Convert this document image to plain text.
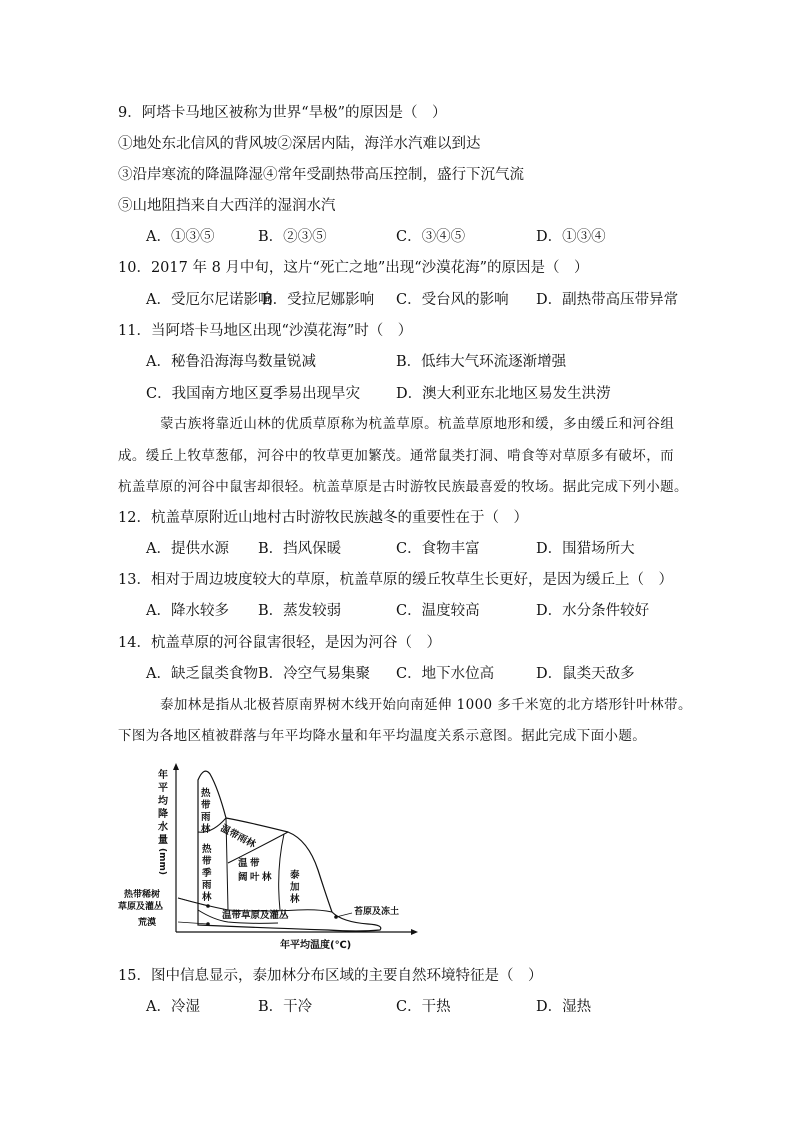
9．阿塔卡马地区被称为世界“旱极”的原因是（　）
①地处东北信风的背风坡②深居内陆，海洋水汽难以到达
③沿岸寒流的降温降湿④常年受副热带高压控制，盛行下沉气流
⑤山地阻挡来自大西洋的湿润水汽
A．①③⑤	B．②③⑤	C．③④⑤	D．①③④
10．2017 年 8 月中旬，这片“死亡之地”出现“沙漠花海”的原因是（　）
A．受厄尔尼诺影响
B．受拉尼娜影响 C．受台风的影响 D．副热带高压带异常
11．当阿塔卡马地区出现“沙漠花海”时（　）
A．秘鲁沿海海鸟数量锐减	B．低纬大气环流逐渐增强
C．我国南方地区夏季易出现旱灾 D．澳大利亚东北地区易发生洪涝
蒙古族将靠近山林的优质草原称为杭盖草原。杭盖草原地形和缓，多由缓丘和河谷组
成。缓丘上牧草葱郁，河谷中的牧草更加繁茂。通常鼠类打洞、啃食等对草原多有破坏，而
杭盖草原的河谷中鼠害却很轻。杭盖草原是古时游牧民族最喜爱的牧场。据此完成下列小题。
12．杭盖草原附近山地村古时游牧民族越冬的重要性在于（　）
A．提供水源 B．挡风保暖	C．食物丰富	D．围猎场所大
13．相对于周边坡度较大的草原，杭盖草原的缓丘牧草生长更好，是因为缓丘上（　）
A．降水较多 B．蒸发较弱	C．温度较高	D．水分条件较好
14．杭盖草原的河谷鼠害很轻，是因为河谷（　）
A．缺乏鼠类食物 B．冷空气易集聚 C．地下水位高	D．鼠类天敌多
泰加林是指从北极苔原南界树木线开始向南延伸 1000 多千米宽的北方塔形针叶林带。
下图为各地区植被群落与年平均降水量和年平均温度关系示意图。据此完成下面小题。
年
平
均
降
水
量
(mm)
年平均温度(℃)
热
带
雨
林 温带雨林
热
带
季
雨
林
温 带
阔 叶 林 泰
加
林
温带草原及灌丛
热带稀树
草原及灌丛
荒漠
苔原及冻土
15．图中信息显示，泰加林分布区域的主要自然环境特征是（　）
A．冷湿	B．干冷	C．干热	D．湿热
